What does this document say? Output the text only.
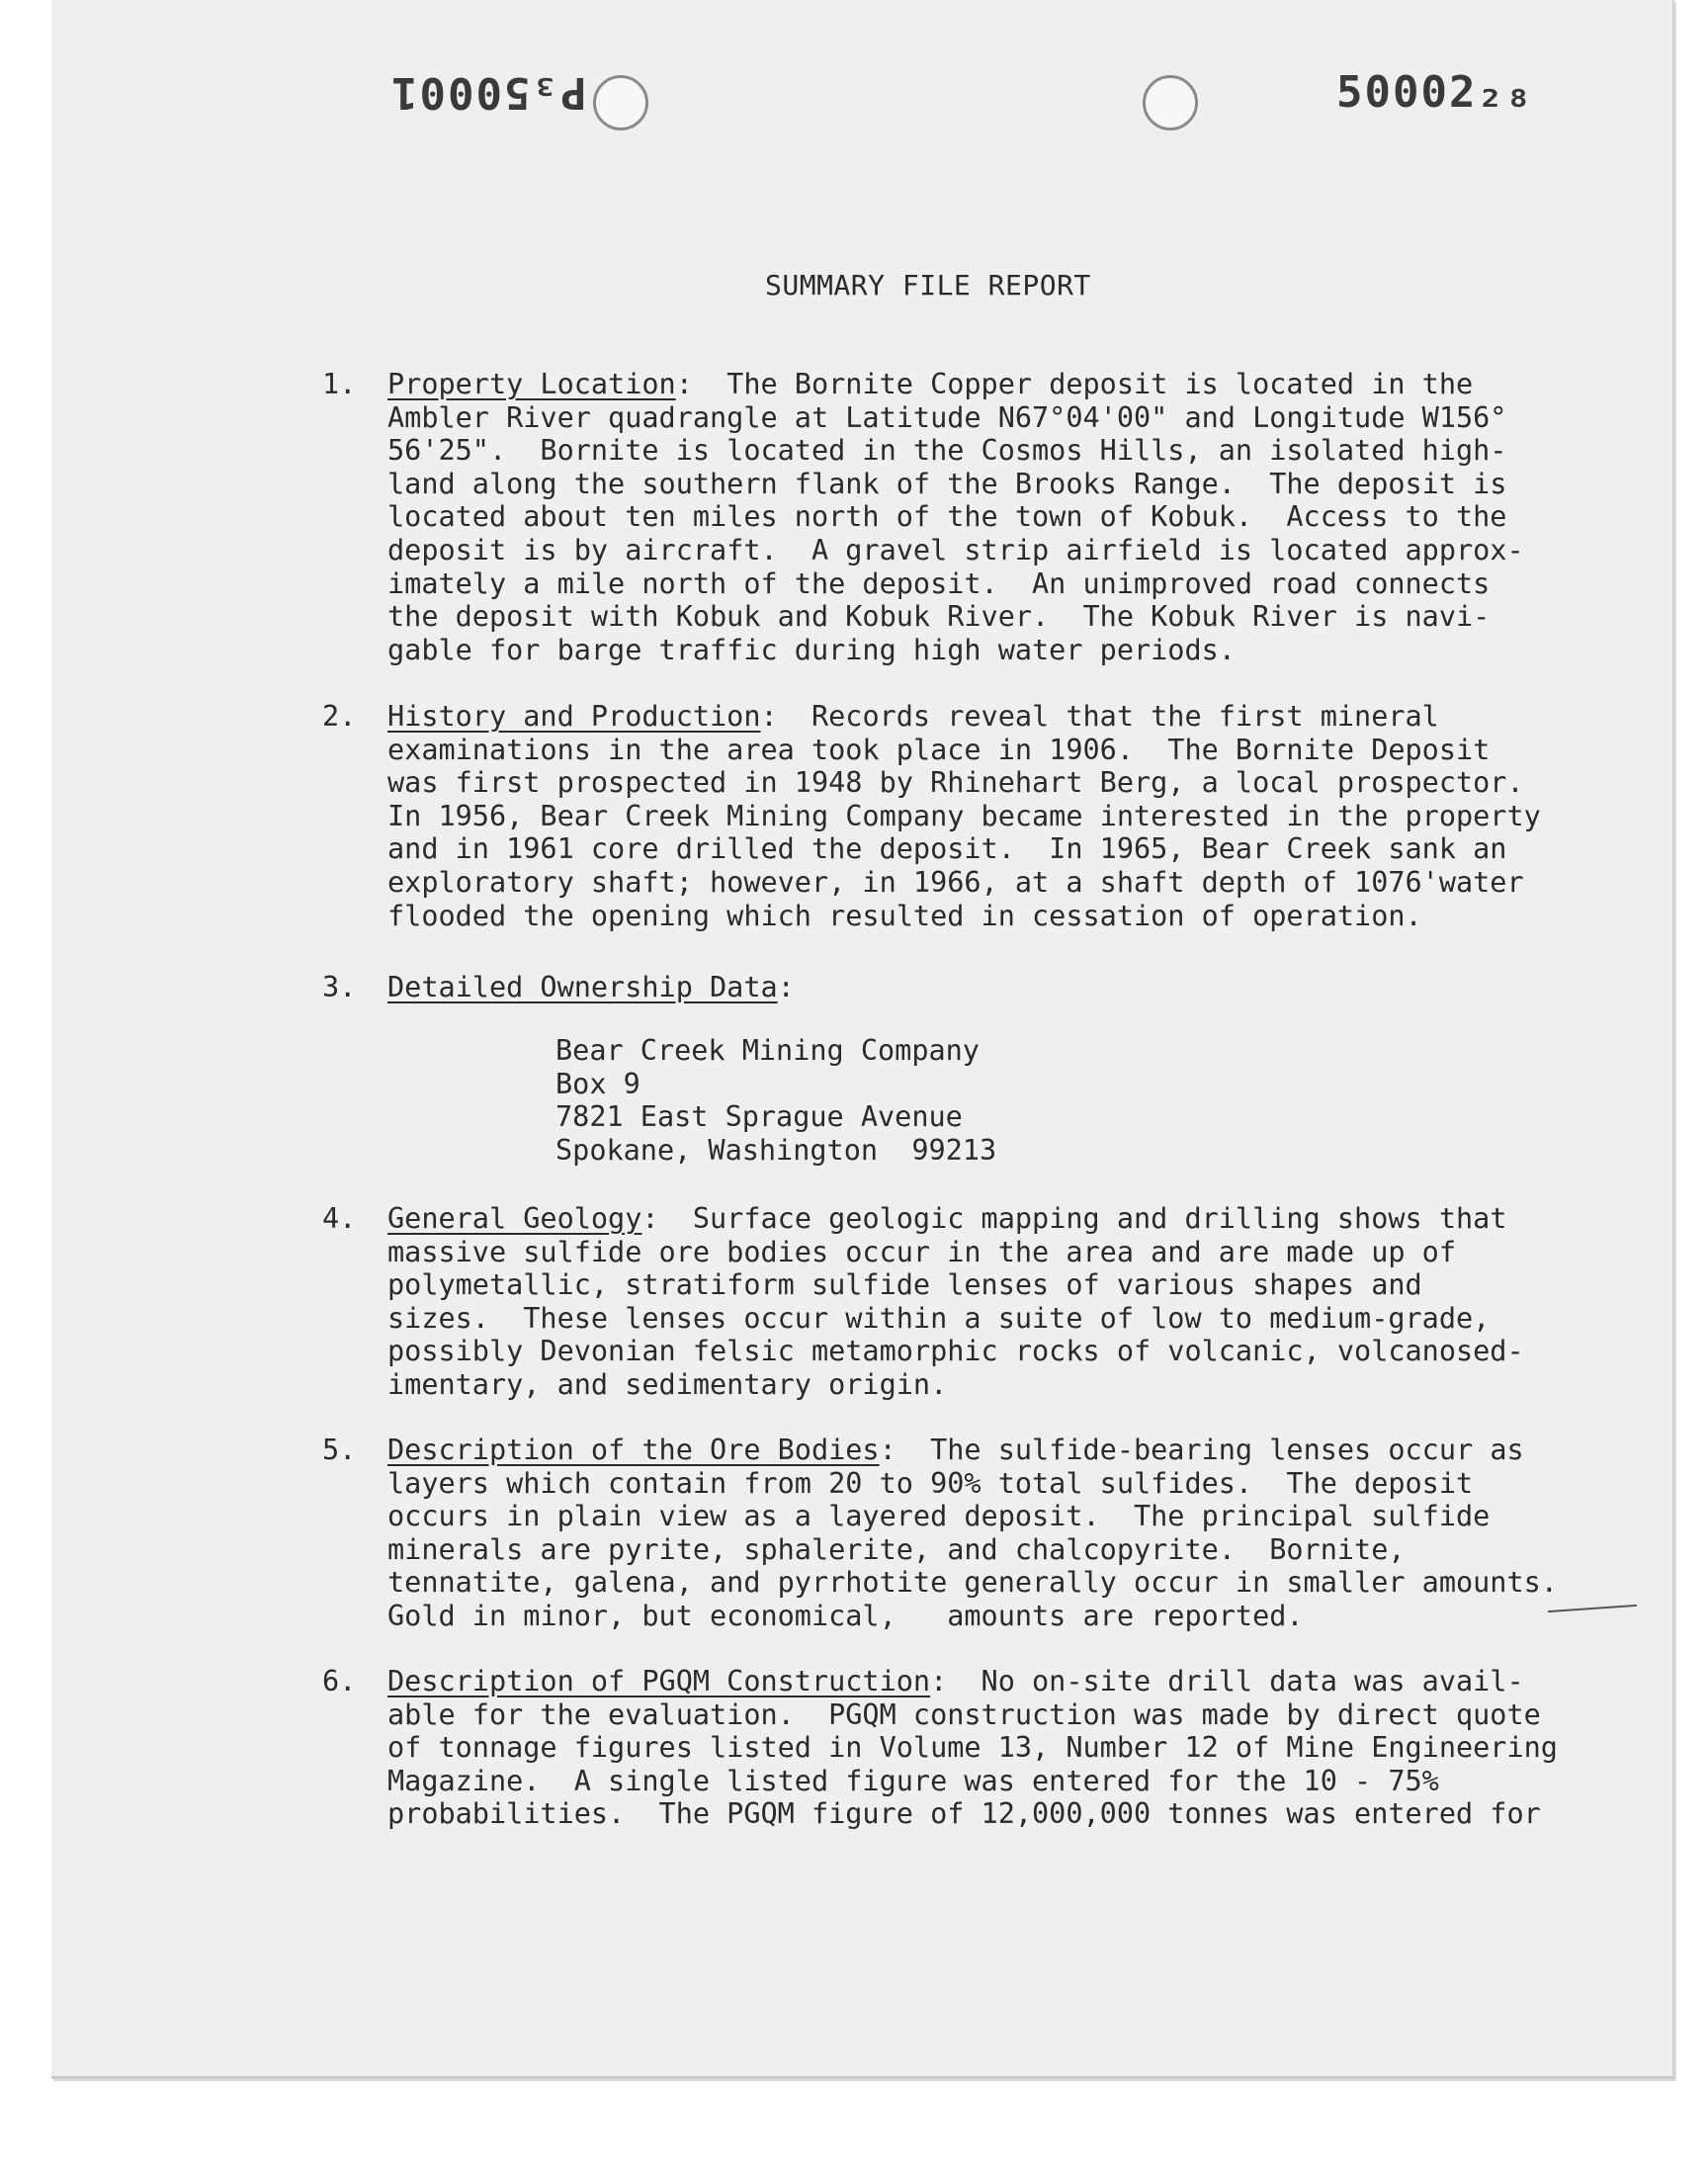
P₃50001	50002₂₈
SUMMARY FILE REPORT
1. Property Location:  The Bornite Copper deposit is located in the
Ambler River quadrangle at Latitude N67°04'00" and Longitude W156°
56'25".  Bornite is located in the Cosmos Hills, an isolated high-
land along the southern flank of the Brooks Range.  The deposit is
located about ten miles north of the town of Kobuk.  Access to the
deposit is by aircraft.  A gravel strip airfield is located approx-
imately a mile north of the deposit.  An unimproved road connects
the deposit with Kobuk and Kobuk River.  The Kobuk River is navi-
gable for barge traffic during high water periods.
2. History and Production:  Records reveal that the first mineral
examinations in the area took place in 1906.  The Bornite Deposit
was first prospected in 1948 by Rhinehart Berg, a local prospector.
In 1956, Bear Creek Mining Company became interested in the property
and in 1961 core drilled the deposit.  In 1965, Bear Creek sank an
exploratory shaft; however, in 1966, at a shaft depth of 1076'water
flooded the opening which resulted in cessation of operation.
3. Detailed Ownership Data:
Bear Creek Mining Company
Box 9
7821 East Sprague Avenue
Spokane, Washington  99213
4. General Geology:  Surface geologic mapping and drilling shows that
massive sulfide ore bodies occur in the area and are made up of
polymetallic, stratiform sulfide lenses of various shapes and
sizes.  These lenses occur within a suite of low to medium-grade,
possibly Devonian felsic metamorphic rocks of volcanic, volcanosed-
imentary, and sedimentary origin.
5. Description of the Ore Bodies:  The sulfide-bearing lenses occur as
layers which contain from 20 to 90% total sulfides.  The deposit
occurs in plain view as a layered deposit.  The principal sulfide
minerals are pyrite, sphalerite, and chalcopyrite.  Bornite,
tennatite, galena, and pyrrhotite generally occur in smaller amounts.
Gold in minor, but economical,   amounts are reported.
6. Description of PGQM Construction:  No on-site drill data was avail-
able for the evaluation.  PGQM construction was made by direct quote
of tonnage figures listed in Volume 13, Number 12 of Mine Engineering
Magazine.  A single listed figure was entered for the 10 - 75%
probabilities.  The PGQM figure of 12,000,000 tonnes was entered for
